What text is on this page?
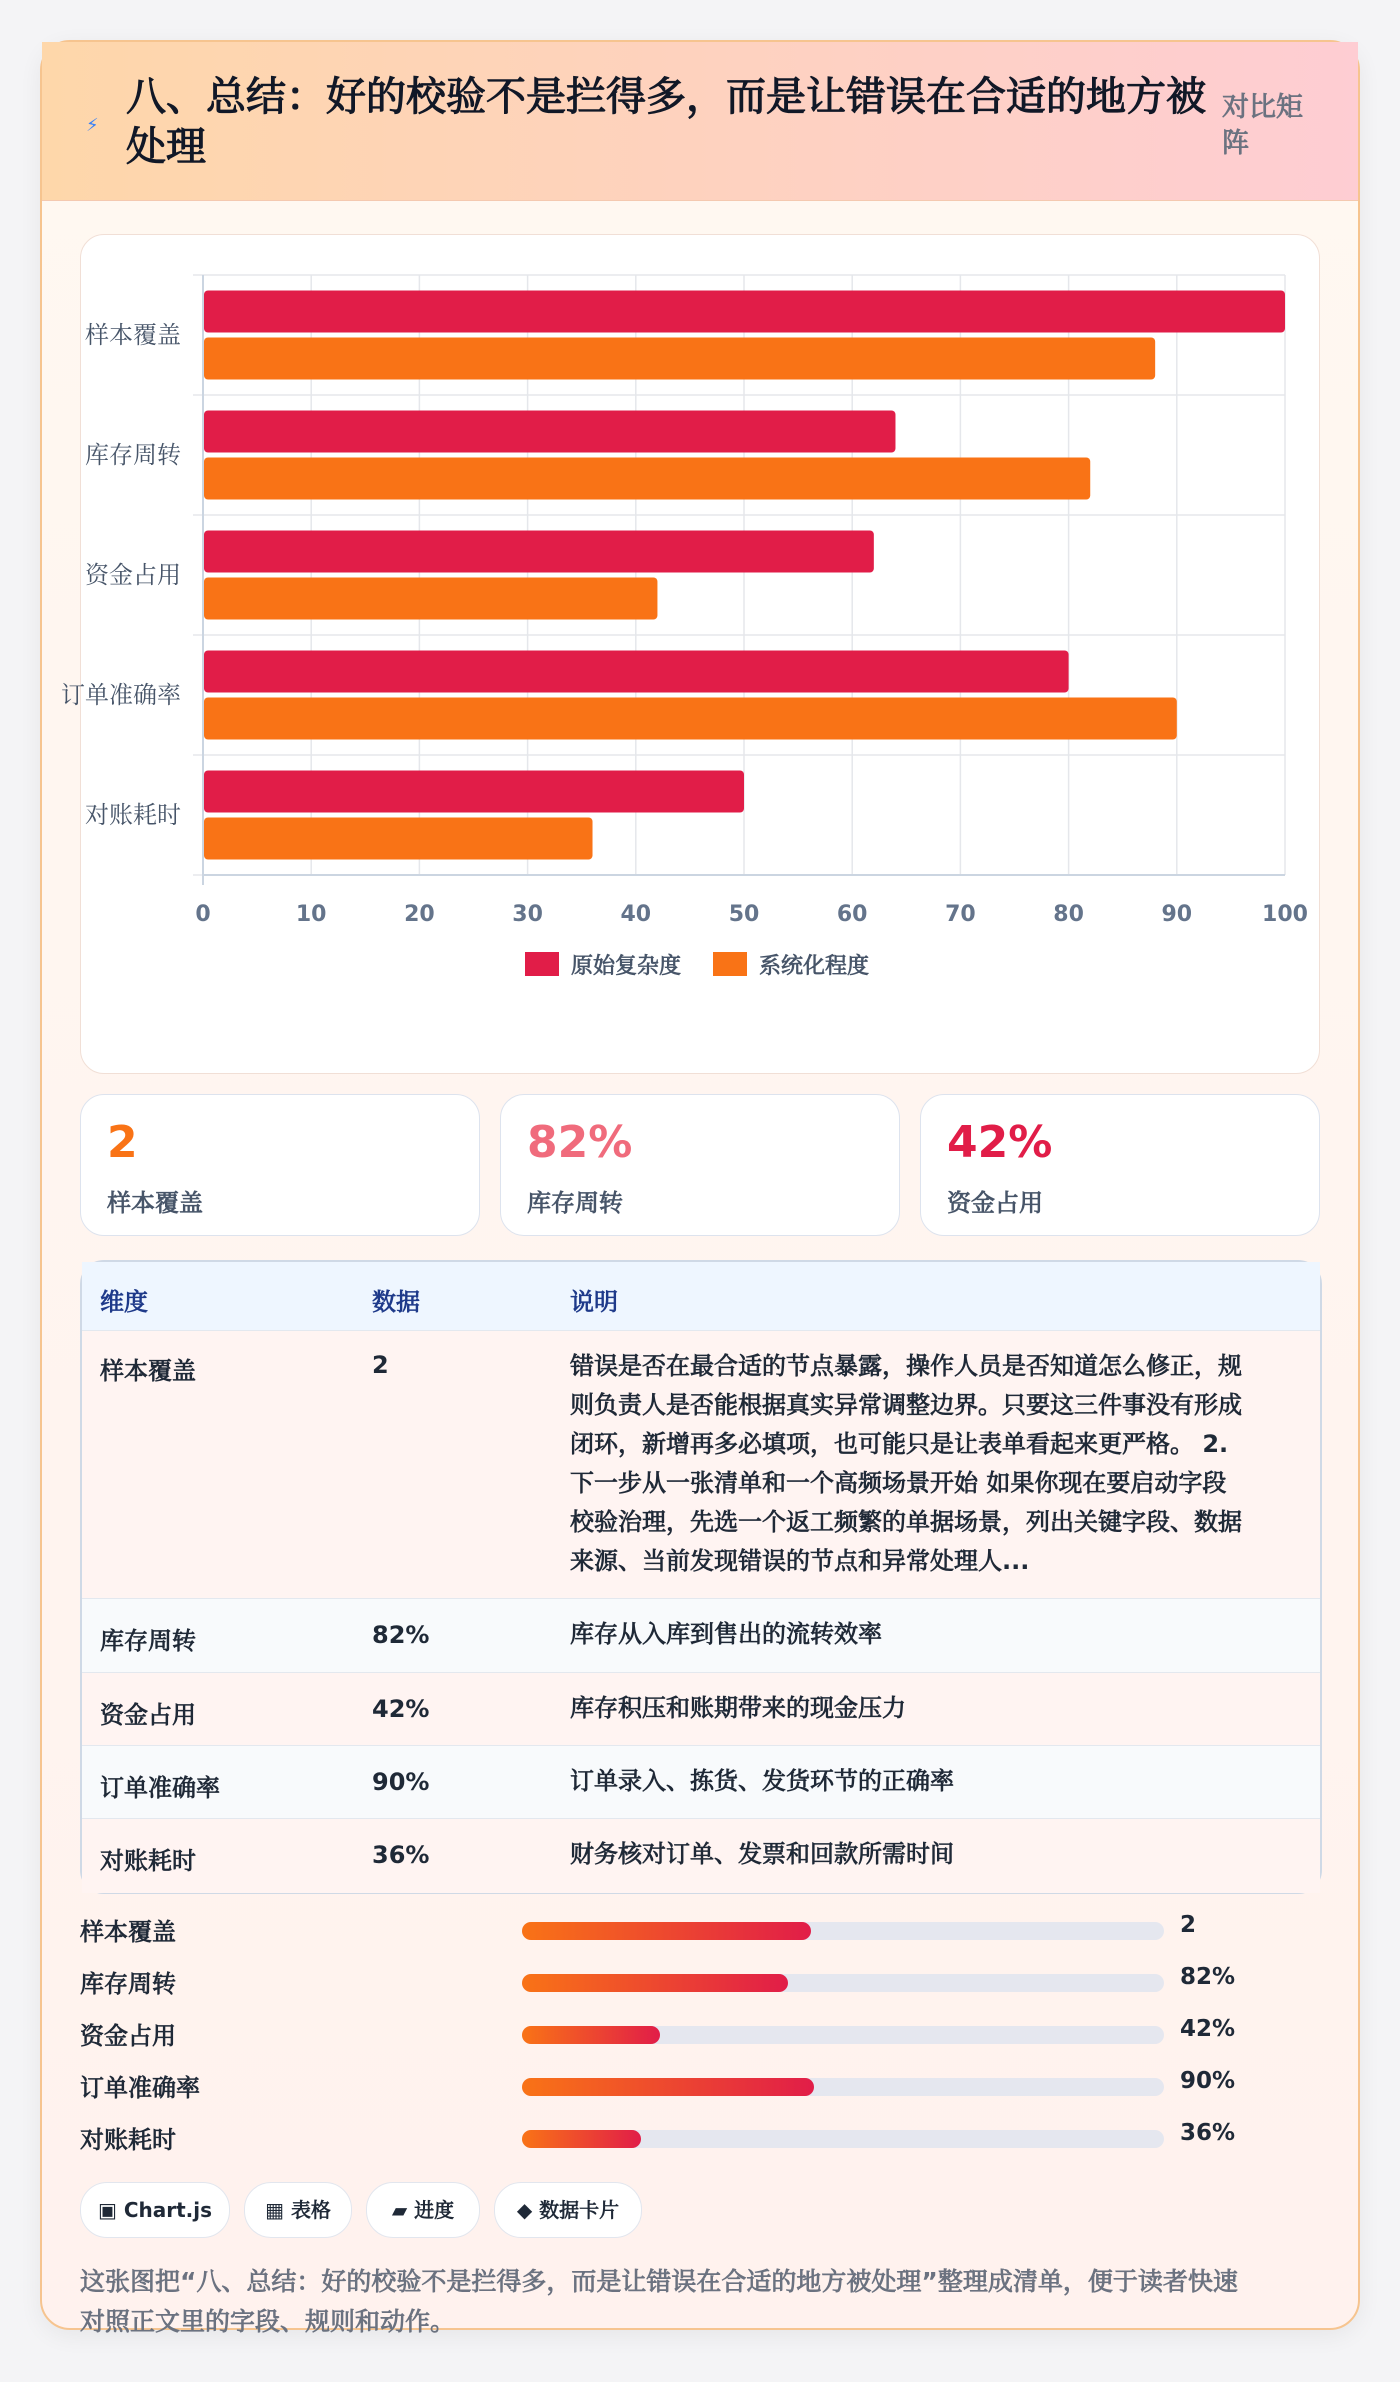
⚡
八、总结：好的校验不是拦得多，而是让错误在合适的地方被处理
对比矩阵
0	10	20	30	40	50	60	70	80	90	100
样本覆盖
库存周转
资金占用
订单准确率
对账耗时
原始复杂度	系统化程度
2
样本覆盖
82%
库存周转
42%
资金占用
维度	数据	说明
样本覆盖	2	错误是否在最合适的节点暴露，操作人员是否知道怎么修正，规
则负责人是否能根据真实异常调整边界。只要这三件事没有形成
闭环，新增再多必填项，也可能只是让表单看起来更严格。 2.
下一步从一张清单和一个高频场景开始 如果你现在要启动字段
校验治理，先选一个返工频繁的单据场景，列出关键字段、数据
来源、当前发现错误的节点和异常处理人...
库存周转	82%	库存从入库到售出的流转效率
资金占用	42%	库存积压和账期带来的现金压力
订单准确率	90%	订单录入、拣货、发货环节的正确率
对账耗时	36%	财务核对订单、发票和回款所需时间
样本覆盖	2
库存周转	82%
资金占用	42%
订单准确率	90%
对账耗时	36%
▣ Chart.js	▦ 表格	▰ 进度	◆ 数据卡片
这张图把“八、总结：好的校验不是拦得多，而是让错误在合适的地方被处理”整理成清单，便于读者快速
对照正文里的字段、规则和动作。
